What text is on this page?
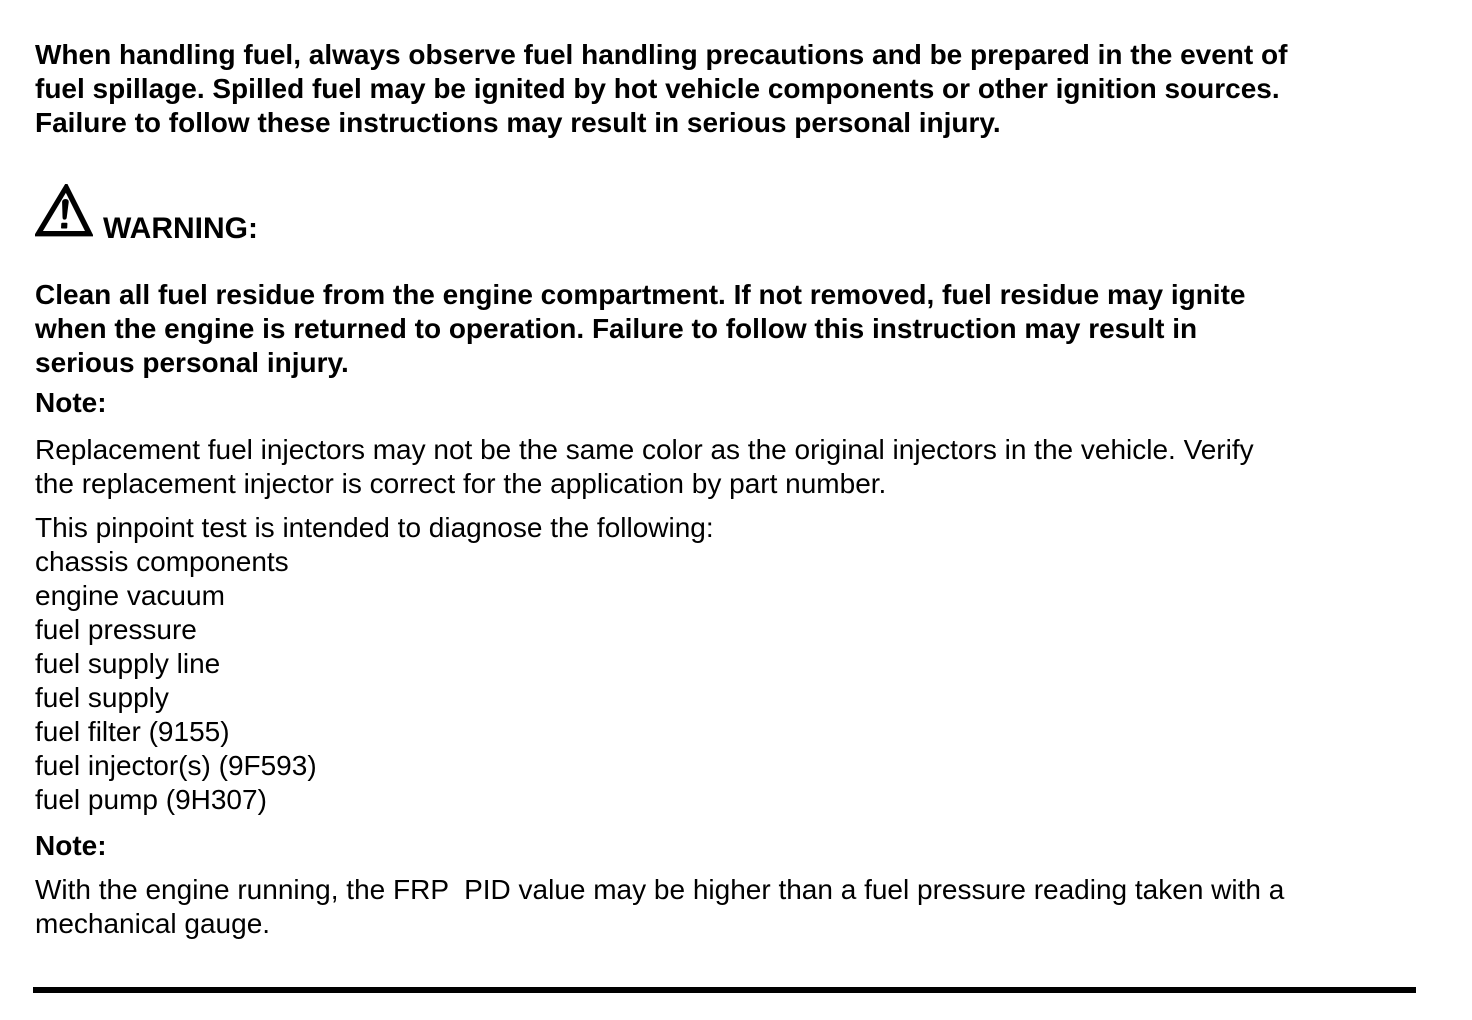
When handling fuel, always observe fuel handling precautions and be prepared in the event of
fuel spillage. Spilled fuel may be ignited by hot vehicle components or other ignition sources.
Failure to follow these instructions may result in serious personal injury.
WARNING:
Clean all fuel residue from the engine compartment. If not removed, fuel residue may ignite
when the engine is returned to operation. Failure to follow this instruction may result in
serious personal injury.
Note:
Replacement fuel injectors may not be the same color as the original injectors in the vehicle. Verify
the replacement injector is correct for the application by part number.
This pinpoint test is intended to diagnose the following:
chassis components
engine vacuum
fuel pressure
fuel supply line
fuel supply
fuel filter (9155)
fuel injector(s) (9F593)
fuel pump (9H307)
Note:
With the engine running, the FRP  PID value may be higher than a fuel pressure reading taken with a
mechanical gauge.
